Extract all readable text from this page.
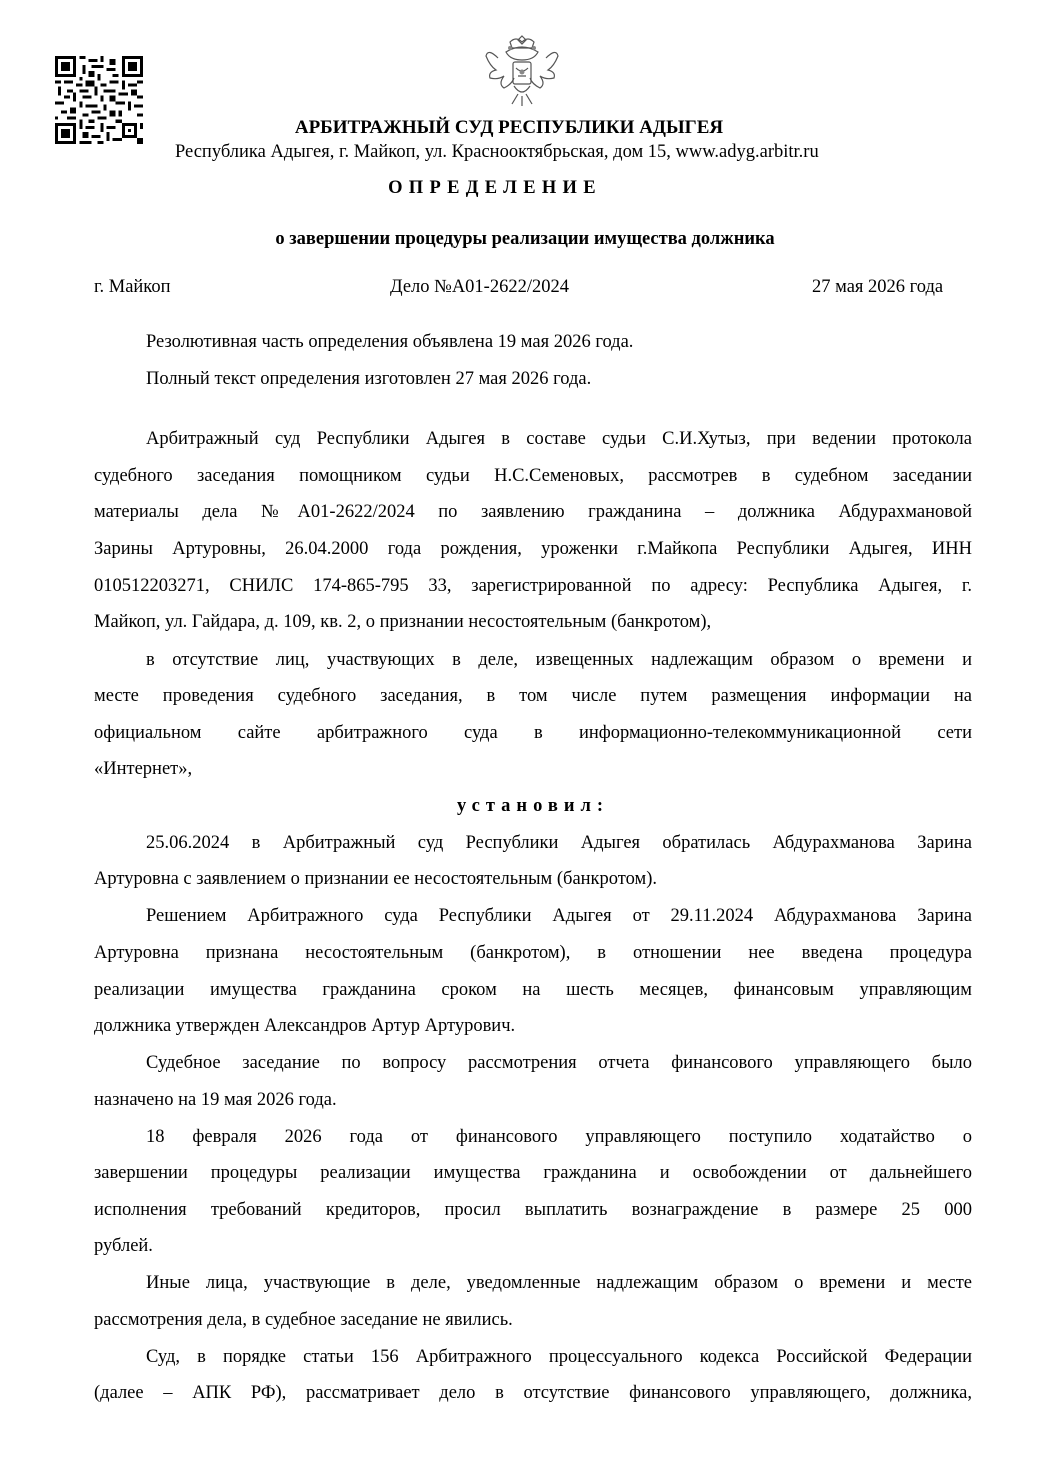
АРБИТРАЖНЫЙ СУД РЕСПУБЛИКИ АДЫГЕЯ
Республика Адыгея, г. Майкоп, ул. Краснооктябрьская, дом 15, www.adyg.arbitr.ru
ОПРЕДЕЛЕНИЕ
о завершении процедуры реализации имущества должника
г. Майкоп	Дело №А01-2622/2024	27 мая 2026 года
Резолютивная часть определения объявлена 19 мая 2026 года.
Полный текст определения изготовлен 27 мая 2026 года.
Арбитражный суд Республики Адыгея в составе судьи С.И.Хутыз, при ведении протокола
судебного заседания помощником судьи Н.С.Семеновых, рассмотрев в судебном заседании
материалы дела №А01-2622/2024 по заявлению гражданина – должника Абдурахмановой
Зарины Артуровны, 26.04.2000 года рождения, уроженки г.Майкопа Республики Адыгея, ИНН
010512203271, СНИЛС 174-865-795 33, зарегистрированной по адресу: Республика Адыгея, г.
Майкоп, ул. Гайдара, д. 109, кв. 2, о признании несостоятельным (банкротом),
в отсутствие лиц, участвующих в деле, извещенных надлежащим образом о времени и
месте проведения судебного заседания, в том числе путем размещения информации на
официальном сайте арбитражного суда в информационно-телекоммуникационной сети
«Интернет»,
установил:
25.06.2024 в Арбитражный суд Республики Адыгея обратилась Абдурахманова Зарина
Артуровна с заявлением о признании ее несостоятельным (банкротом).
Решением Арбитражного суда Республики Адыгея от 29.11.2024 Абдурахманова Зарина
Артуровна признана несостоятельным (банкротом), в отношении нее введена процедура
реализации имущества гражданина сроком на шесть месяцев, финансовым управляющим
должника утвержден Александров Артур Артурович.
Судебное заседание по вопросу рассмотрения отчета финансового управляющего было
назначено на 19 мая 2026 года.
18 февраля 2026 года от финансового управляющего поступило ходатайство о
завершении процедуры реализации имущества гражданина и освобождении от дальнейшего
исполнения требований кредиторов, просил выплатить вознаграждение в размере 25 000
рублей.
Иные лица, участвующие в деле, уведомленные надлежащим образом о времени и месте
рассмотрения дела, в судебное заседание не явились.
Суд, в порядке статьи 156 Арбитражного процессуального кодекса Российской Федерации
(далее – АПК РФ), рассматривает дело в отсутствие финансового управляющего, должника,
